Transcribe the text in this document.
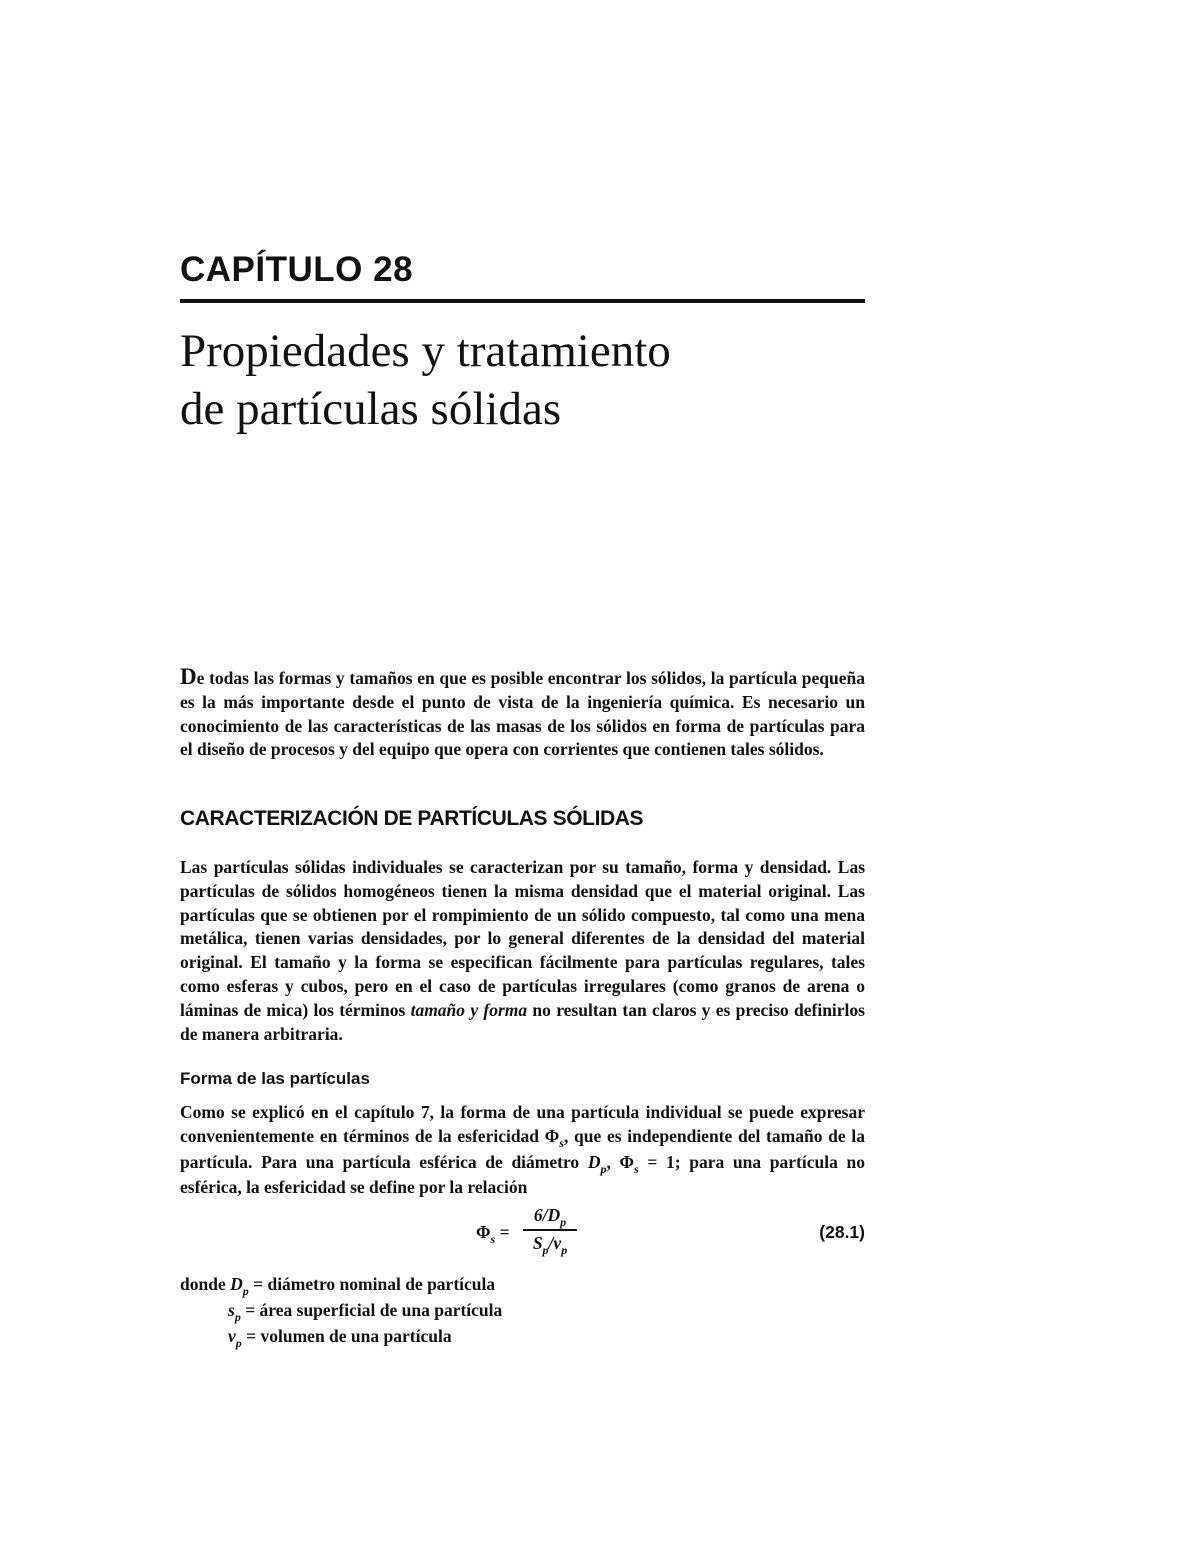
CAPÍTULO 28
Propiedades y tratamiento
de partículas sólidas

De todas las formas y tamaños en que es posible encontrar los sólidos, la partícula pequeña es la más importante desde el punto de vista de la ingeniería química. Es necesario un conocimiento de las características de las masas de los sólidos en forma de partículas para el diseño de procesos y del equipo que opera con corrientes que contienen tales sólidos.

CARACTERIZACIÓN DE PARTÍCULAS SÓLIDAS

Las partículas sólidas individuales se caracterizan por su tamaño, forma y densidad. Las partículas de sólidos homogéneos tienen la misma densidad que el material original. Las partículas que se obtienen por el rompimiento de un sólido compuesto, tal como una mena metálica, tienen varias densidades, por lo general diferentes de la densidad del material original. El tamaño y la forma se especifican fácilmente para partículas regulares, tales como esferas y cubos, pero en el caso de partículas irregulares (como granos de arena o láminas de mica) los términos tamaño y forma no resultan tan claros y es preciso definirlos de manera arbitraria.

Forma de las partículas

Como se explicó en el capítulo 7, la forma de una partícula individual se puede expresar convenientemente en términos de la esfericidad $\Phi_s$, que es independiente del tamaño de la partícula. Para una partícula esférica de diámetro $D_p$, $\Phi_s = 1$; para una partícula no esférica, la esfericidad se define por la relación

$\Phi_s$ =
$6/D_p$
$S_p/v_p$
(28.1)
donde $D_p$ = diámetro nominal de partícula
$s_p$ = área superficial de una partícula
$v_p$ = volumen de una partícula
